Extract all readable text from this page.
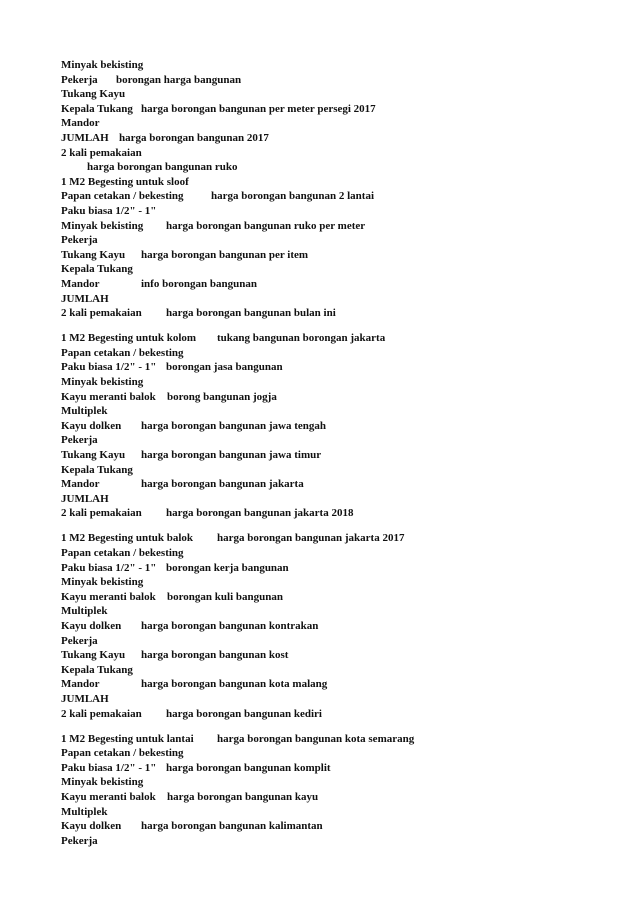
Minyak bekisting
Pekerja borongan harga bangunan
Tukang Kayu
Kepala Tukang harga borongan bangunan per meter persegi 2017
Mandor
JUMLAH harga borongan bangunan 2017
2 kali pemakaian
harga borongan bangunan ruko
1 M2 Begesting untuk sloof
Papan cetakan / bekesting harga borongan bangunan 2 lantai
Paku biasa 1/2" - 1"
Minyak bekisting harga borongan bangunan ruko per meter
Pekerja
Tukang Kayu harga borongan bangunan per item
Kepala Tukang
Mandor	info borongan bangunan
JUMLAH
2 kali pemakaian harga borongan bangunan bulan ini
1 M2 Begesting untuk kolom tukang bangunan borongan jakarta
Papan cetakan / bekesting
Paku biasa 1/2" - 1" borongan jasa bangunan
Minyak bekisting
Kayu meranti balok borong bangunan jogja
Multiplek
Kayu dolken harga borongan bangunan jawa tengah
Pekerja
Tukang Kayu harga borongan bangunan jawa timur
Kepala Tukang
Mandor	harga borongan bangunan jakarta
JUMLAH
2 kali pemakaian harga borongan bangunan jakarta 2018
1 M2 Begesting untuk balok harga borongan bangunan jakarta 2017
Papan cetakan / bekesting
Paku biasa 1/2" - 1" borongan kerja bangunan
Minyak bekisting
Kayu meranti balok borongan kuli bangunan
Multiplek
Kayu dolken harga borongan bangunan kontrakan
Pekerja
Tukang Kayu harga borongan bangunan kost
Kepala Tukang
Mandor	harga borongan bangunan kota malang
JUMLAH
2 kali pemakaian harga borongan bangunan kediri
1 M2 Begesting untuk lantai harga borongan bangunan kota semarang
Papan cetakan / bekesting
Paku biasa 1/2" - 1" harga borongan bangunan komplit
Minyak bekisting
Kayu meranti balok harga borongan bangunan kayu
Multiplek
Kayu dolken harga borongan bangunan kalimantan
Pekerja
